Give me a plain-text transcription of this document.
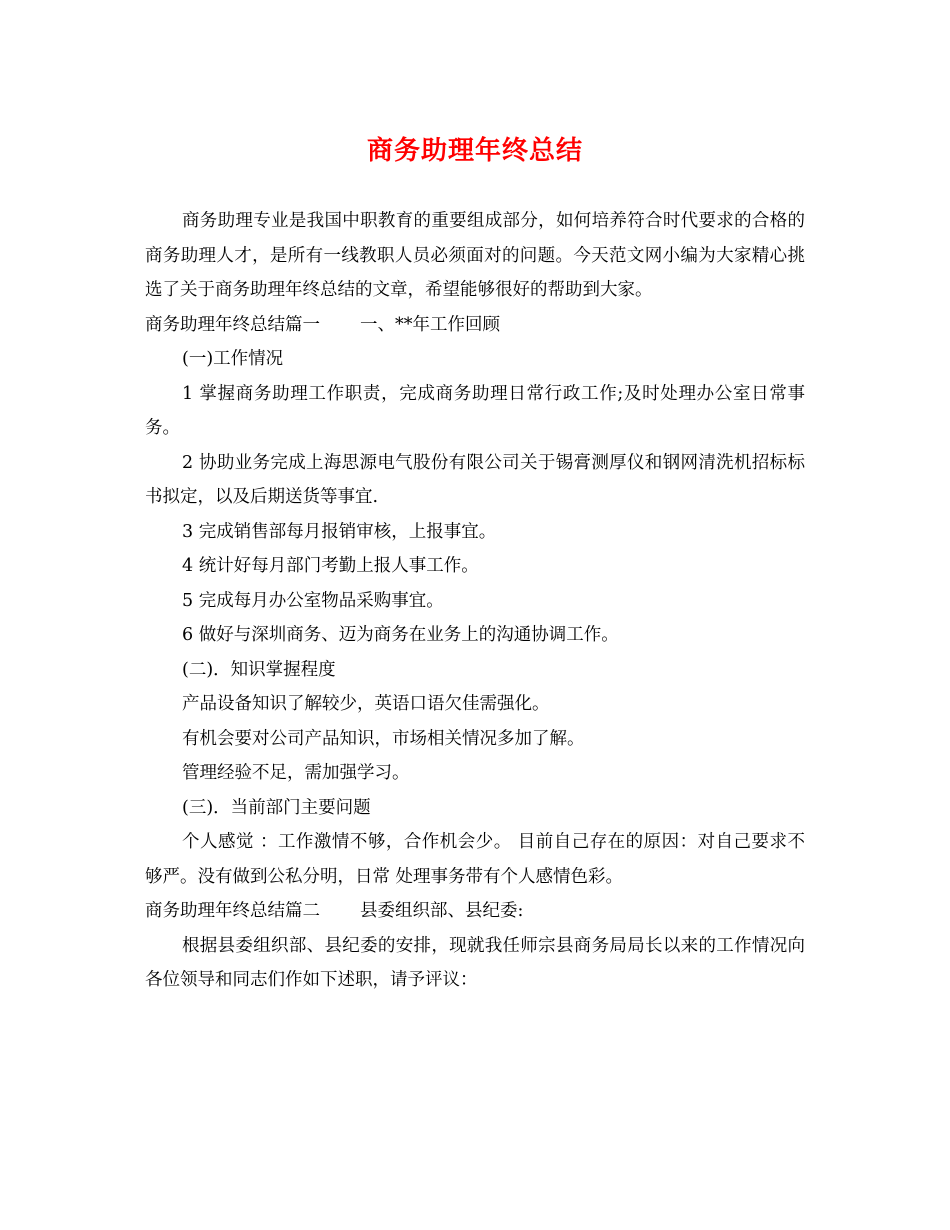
商务助理年终总结

商务助理专业是我国中职教育的重要组成部分，如何培养符合时代要求的合格的商务助理人才，是所有一线教职人员必须面对的问题。今天范文网小编为大家精心挑选了关于商务助理年终总结的文章，希望能够很好的帮助到大家。

商务助理年终总结篇一 一、**年工作回顾

(一)工作情况

1 掌握商务助理工作职责，完成商务助理日常行政工作;及时处理办公室日常事务。

2 协助业务完成上海思源电气股份有限公司关于锡膏测厚仪和钢网清洗机招标标书拟定，以及后期送货等事宜.

3 完成销售部每月报销审核，上报事宜。

4 统计好每月部门考勤上报人事工作。

5 完成每月办公室物品采购事宜。

6 做好与深圳商务、迈为商务在业务上的沟通协调工作。

(二)．知识掌握程度

产品设备知识了解较少，英语口语欠佳需强化。

有机会要对公司产品知识，市场相关情况多加了解。

管理经验不足，需加强学习。

(三)．当前部门主要问题

个人感觉 ：工作激情不够，合作机会少。 目前自己存在的原因：对自己要求不够严。没有做到公私分明，日常 处理事务带有个人感情色彩。

商务助理年终总结篇二 县委组织部、县纪委:

根据县委组织部、县纪委的安排，现就我任师宗县商务局局长以来的工作情况向各位领导和同志们作如下述职，请予评议：
